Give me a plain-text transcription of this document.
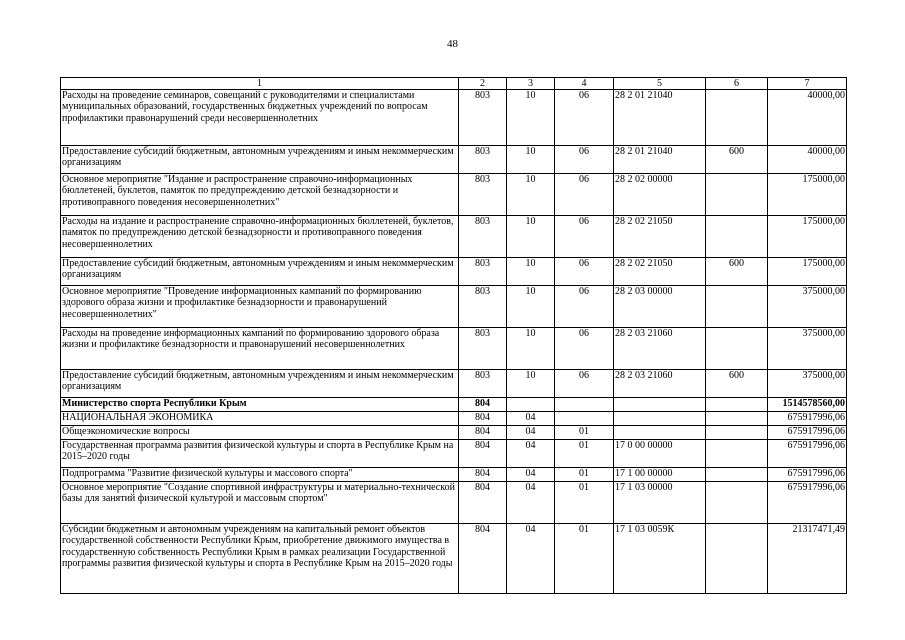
48
1	2	3	4	5	6	7
Расходы на проведение семинаров, совещаний с руководителями и специалистами муниципальных образований, государственных бюджетных учреждений по вопросам профилактики правонарушений среди несовершеннолетних	803	10	06	28 2 01 21040		40000,00
Предоставление субсидий бюджетным, автономным учреждениям и иным некоммерческим организациям	803	10	06	28 2 01 21040	600	40000,00
Основное мероприятие "Издание и распространение справочно-информационных бюллетеней, буклетов, памяток по предупреждению детской безнадзорности и противоправного поведения несовершеннолетних"	803	10	06	28 2 02 00000		175000,00
Расходы на издание и распространение справочно-информационных бюллетеней, буклетов, памяток по предупреждению детской безнадзорности и противоправного поведения несовершеннолетних	803	10	06	28 2 02 21050		175000,00
Предоставление субсидий бюджетным, автономным учреждениям и иным некоммерческим организациям	803	10	06	28 2 02 21050	600	175000,00
Основное мероприятие "Проведение информационных кампаний по формированию здорового образа жизни и профилактике безнадзорности и правонарушений несовершеннолетних"	803	10	06	28 2 03 00000		375000,00
Расходы на проведение информационных кампаний по формированию здорового образа жизни и профилактике безнадзорности и правонарушений несовершеннолетних	803	10	06	28 2 03 21060		375000,00
Предоставление субсидий бюджетным, автономным учреждениям и иным некоммерческим организациям	803	10	06	28 2 03 21060	600	375000,00
Министерство спорта Республики Крым	804					1514578560,00
НАЦИОНАЛЬНАЯ ЭКОНОМИКА	804	04				675917996,06
Общеэкономические вопросы	804	04	01			675917996,06
Государственная программа развития физической культуры и спорта в Республике Крым на 2015–2020 годы	804	04	01	17 0 00 00000		675917996,06
Подпрограмма "Развитие физической культуры и массового спорта"	804	04	01	17 1 00 00000		675917996,06
Основное мероприятие "Создание спортивной инфраструктуры и материально-технической базы для занятий физической культурой и массовым спортом"	804	04	01	17 1 03 00000		675917996,06
Субсидии бюджетным и автономным учреждениям на капитальный ремонт объектов государственной собственности Республики Крым, приобретение движимого имущества в государственную собственность Республики Крым в рамках реализации Государственной программы развития физической культуры и спорта в Республике Крым на 2015–2020 годы	804	04	01	17 1 03 0059К		21317471,49
